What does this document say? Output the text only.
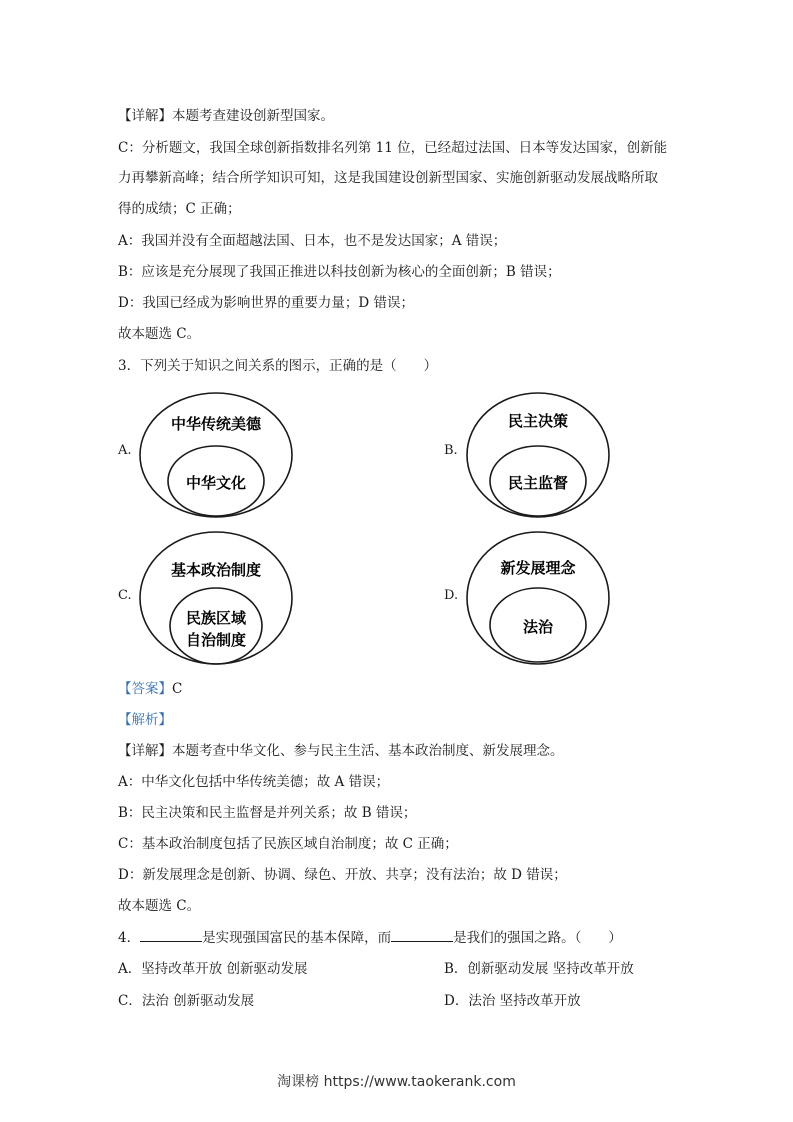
【详解】本题考查建设创新型国家。
C：分析题文，我国全球创新指数排名列第 11 位，已经超过法国、日本等发达国家，创新能
力再攀新高峰；结合所学知识可知，这是我国建设创新型国家、实施创新驱动发展战略所取
得的成绩；C 正确；
A：我国并没有全面超越法国、日本，也不是发达国家；A 错误；
B：应该是充分展现了我国正推进以科技创新为核心的全面创新；B 错误；
D：我国已经成为影响世界的重要力量；D 错误；
故本题选 C。
3．下列关于知识之间关系的图示，正确的是（　　）
A.	B.
C.	D.
中华传统美德
中华文化
民主决策
民主监督
基本政治制度
民族区域
自治制度
新发展理念
法治
【答案】C
【解析】
【详解】本题考查中华文化、参与民主生活、基本政治制度、新发展理念。
A：中华文化包括中华传统美德；故 A 错误；
B：民主决策和民主监督是并列关系；故 B 错误；
C：基本政治制度包括了民族区域自治制度；故 C 正确；
D：新发展理念是创新、协调、绿色、开放、共享；没有法治；故 D 错误；
故本题选 C。
4．	是实现强国富民的基本保障，而	是我们的强国之路。（　　）
A．坚持改革开放 创新驱动发展	B．创新驱动发展 坚持改革开放
C．法治 创新驱动发展	D．法治 坚持改革开放
淘课榜 https://www.taokerank.com
